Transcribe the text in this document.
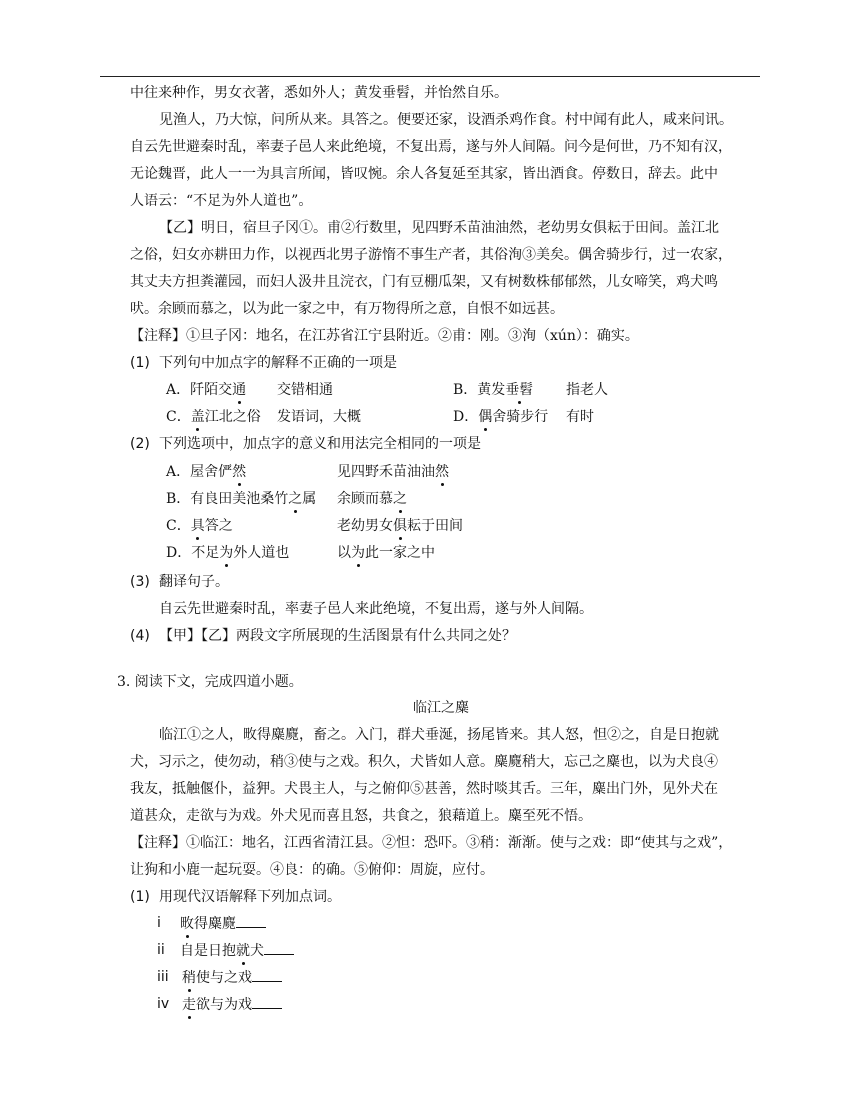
中往来种作，男女衣著，悉如外人；黄发垂髫，并怡然自乐。
见渔人，乃大惊，问所从来。具答之。便要还家，设酒杀鸡作食。村中闻有此人，咸来问讯。
自云先世避秦时乱，率妻子邑人来此绝境，不复出焉，遂与外人间隔。问今是何世，乃不知有汉，
无论魏晋，此人一一为具言所闻，皆叹惋。余人各复延至其家，皆出酒食。停数日，辞去。此中
人语云：“不足为外人道也”。
【乙】明日，宿旦子冈①。甫②行数里，见四野禾苗油油然，老幼男女俱耘于田间。盖江北
之俗，妇女亦耕田力作，以视西北男子游惰不事生产者，其俗洵③美矣。偶舍骑步行，过一农家，
其丈夫方担粪灌园，而妇人汲井且浣衣，门有豆棚瓜架，又有树数株郁郁然，儿女啼笑，鸡犬鸣
吠。余顾而慕之，以为此一家之中，有万物得所之意，自恨不如远甚。
【注释】①旦子冈：地名，在江苏省江宁县附近。②甫：刚。③洵（xún）：确实。
(1) 下列句中加点字的解释不正确的一项是
A．阡陌交通 交错相通	B．黄发垂髫 指老人
C．盖江北之俗 发语词，大概	D．偶舍骑步行 有时
(2) 下列选项中，加点字的意义和用法完全相同的一项是
A．屋舍俨然	见四野禾苗油油然
B．有良田美池桑竹之属 余顾而慕之
C．具答之	老幼男女俱耘于田间
D．不足为外人道也	以为此一家之中
(3) 翻译句子。
自云先世避秦时乱，率妻子邑人来此绝境，不复出焉，遂与外人间隔。
(4) 【甲】【乙】两段文字所展现的生活图景有什么共同之处？
3. 阅读下文，完成四道小题。
临江之麋
临江①之人，畋得麋麑，畜之。入门，群犬垂涎，扬尾皆来。其人怒，怛②之，自是日抱就
犬，习示之，使勿动，稍③使与之戏。积久，犬皆如人意。麋麑稍大，忘己之麋也，以为犬良④
我友，抵触偃仆，益狎。犬畏主人，与之俯仰⑤甚善，然时啖其舌。三年，麋出门外，见外犬在
道甚众，走欲与为戏。外犬见而喜且怒，共食之，狼藉道上。麋至死不悟。
【注释】①临江：地名，江西省清江县。②怛：恐吓。③稍：渐渐。使与之戏：即“使其与之戏”，
让狗和小鹿一起玩耍。④良：的确。⑤俯仰：周旋，应付。
(1) 用现代汉语解释下列加点词。
i 畋得麋麑
ii 自是日抱就犬
iii 稍使与之戏
iv 走欲与为戏
